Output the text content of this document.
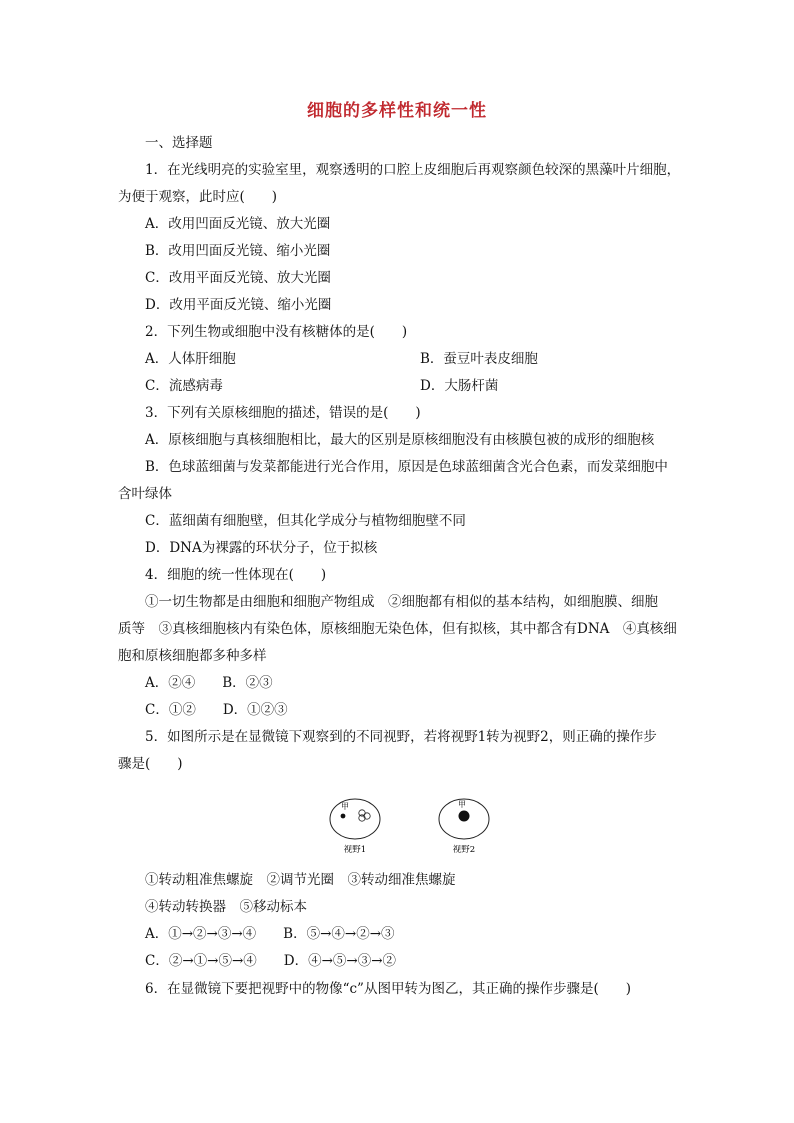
细胞的多样性和统一性
一、选择题
1．在光线明亮的实验室里，观察透明的口腔上皮细胞后再观察颜色较深的黑藻叶片细胞，
为便于观察，此时应(　　)
A．改用凹面反光镜、放大光圈
B．改用凹面反光镜、缩小光圈
C．改用平面反光镜、放大光圈
D．改用平面反光镜、缩小光圈
2．下列生物或细胞中没有核糖体的是(　　)
A．人体肝细胞	B．蚕豆叶表皮细胞
C．流感病毒	D．大肠杆菌
3．下列有关原核细胞的描述，错误的是(　　)
A．原核细胞与真核细胞相比，最大的区别是原核细胞没有由核膜包被的成形的细胞核
B．色球蓝细菌与发菜都能进行光合作用，原因是色球蓝细菌含光合色素，而发菜细胞中
含叶绿体
C．蓝细菌有细胞壁，但其化学成分与植物细胞壁不同
D．DNA为裸露的环状分子，位于拟核
4．细胞的统一性体现在(　　)
①一切生物都是由细胞和细胞产物组成　②细胞都有相似的基本结构，如细胞膜、细胞
质等　③真核细胞核内有染色体，原核细胞无染色体，但有拟核，其中都含有DNA　④真核细
胞和原核细胞都多种多样
A．②④　　B．②③
C．①②　　D．①②③
5．如图所示是在显微镜下观察到的不同视野，若将视野1转为视野2，则正确的操作步
骤是(　　)
甲
视野1
甲
视野2
①转动粗准焦螺旋　②调节光圈　③转动细准焦螺旋
④转动转换器　⑤移动标本
A．①→②→③→④　　B．⑤→④→②→③
C．②→①→⑤→④　　D．④→⑤→③→②
6．在显微镜下要把视野中的物像“c”从图甲转为图乙，其正确的操作步骤是(　　)
